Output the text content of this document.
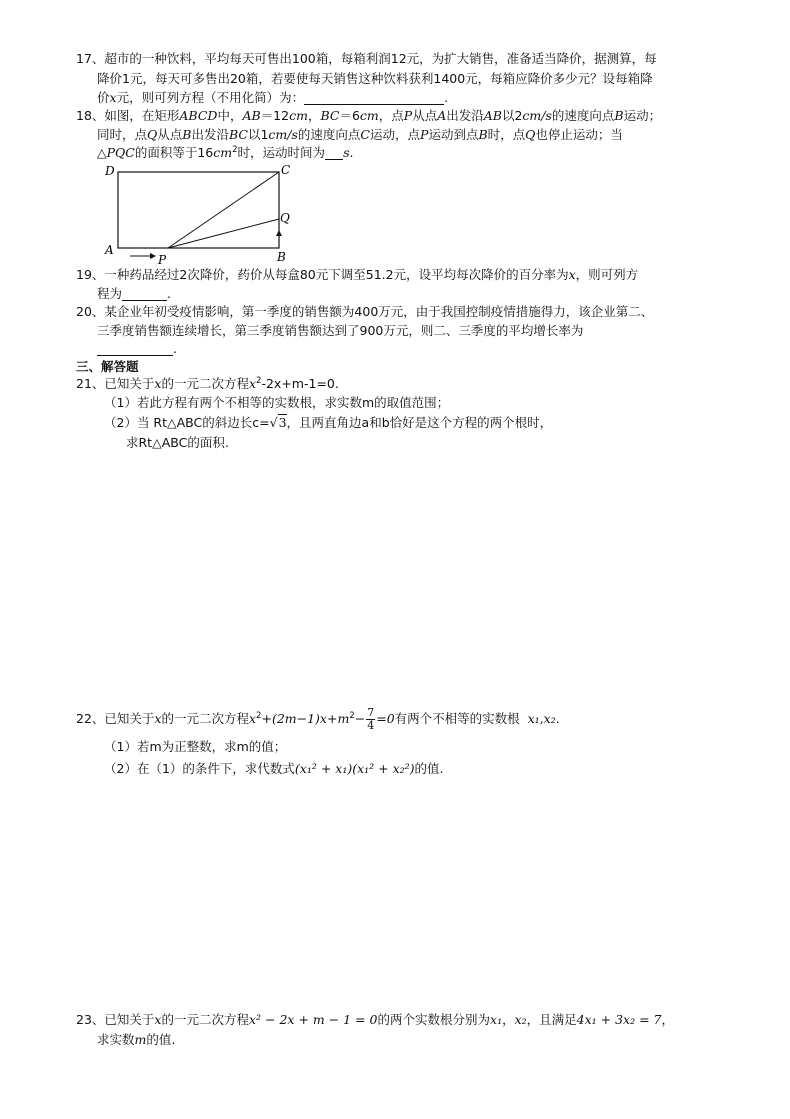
17、超市的一种饮料，平均每天可售出100箱，每箱利润12元，为扩大销售，准备适当降价，据测算，每
降价1元，每天可多售出20箱，若要使每天销售这种饮料获利1400元，每箱应降价多少元？设每箱降
价x元，则可列方程（不用化简）为：	.
18、如图，在矩形ABCD中，AB＝12cm，BC＝6cm，点P从点A出发沿AB以2cm/s的速度向点B运动；
同时，点Q从点B出发沿BC以1cm/s的速度向点C运动，点P运动到点B时，点Q也停止运动；当
△PQC的面积等于$16cm^2$时，运动时间为 s.
D	C
Q
A
P	B
19、一种药品经过2次降价，药价从每盒80元下调至51.2元，设平均每次降价的百分率为x，则可列方
程为	.
20、某企业年初受疫情影响，第一季度的销售额为400万元，由于我国控制疫情措施得力，该企业第二、
三季度销售额连续增长，第三季度销售额达到了900万元，则二、三季度的平均增长率为
.
三、解答题
21、已知关于x的一元二次方程$x^2-2x+m-1=0$.
（1）若此方程有两个不相等的实数根，求实数m的取值范围；
（2）当 Rt△ABC的斜边长c=√3，且两直角边a和b恰好是这个方程的两个根时，
求Rt△ABC的面积.
22、已知关于x的一元二次方程$x^2+(2m-1)x+m^2- \frac{7}{4} =0$有两个不相等的实数根 x₁,x₂.
（1）若m为正整数，求m的值；
（2）在（1）的条件下，求代数式(x₁² + x₁)(x₁² + x₂²)的值.
23、已知关于x的一元二次方程x² − 2x + m − 1 = 0的两个实数根分别为x₁，x₂，且满足4x₁ + 3x₂ = 7，
求实数m的值.
